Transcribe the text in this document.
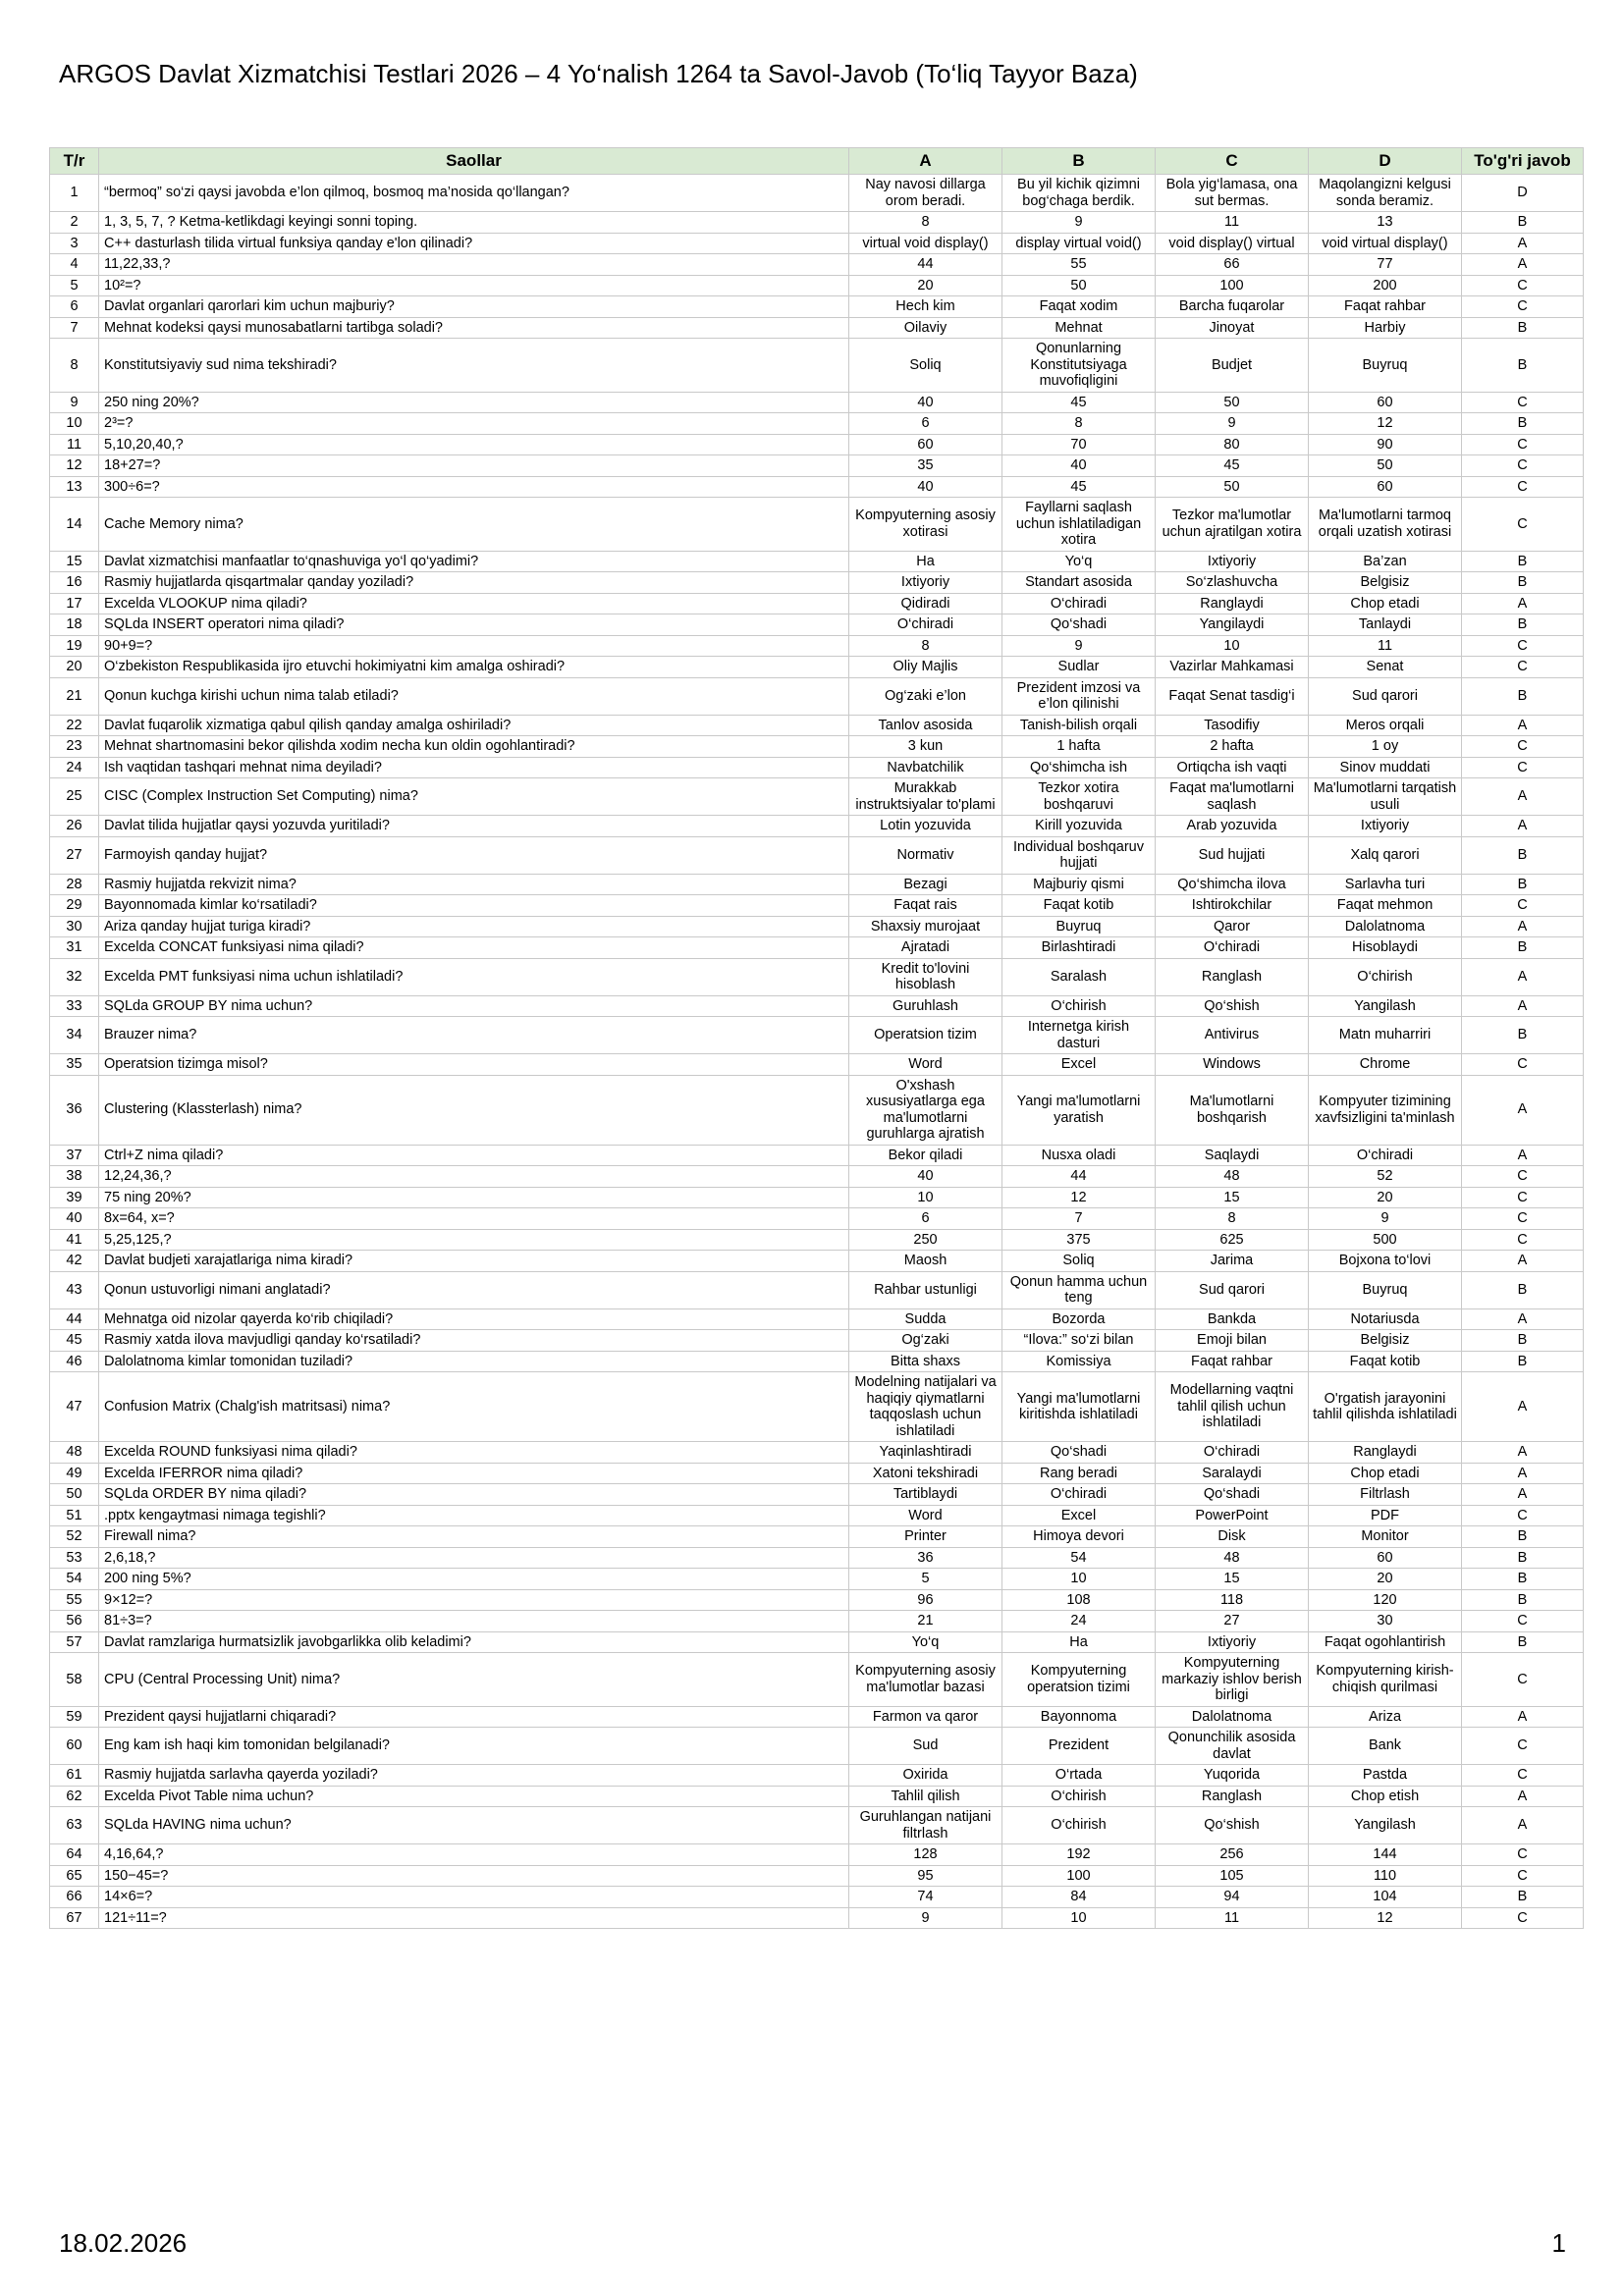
ARGOS Davlat Xizmatchisi Testlari 2026 – 4 Yo‘nalish 1264 ta Savol-Javob (To‘liq Tayyor Baza)
T/r	Saollar	A	B	C	D	To'g'ri javob
1	“bermoq” so‘zi qaysi javobda e’lon qilmoq, bosmoq ma’nosida qo‘llangan?	Nay navosi dillarga orom beradi.	Bu yil kichik qizimni bog‘chaga berdik.	Bola yig‘lamasa, ona sut bermas.	Maqolangizni kelgusi sonda beramiz.	D
2	1, 3, 5, 7, ? Ketma-ketlikdagi keyingi sonni toping.	8	9	11	13	B
3	C++ dasturlash tilida virtual funksiya qanday e'lon qilinadi?	virtual void display()	display virtual void()	void display() virtual	void virtual display()	A
4	11,22,33,?	44	55	66	77	A
5	10²=?	20	50	100	200	C
6	Davlat organlari qarorlari kim uchun majburiy?	Hech kim	Faqat xodim	Barcha fuqarolar	Faqat rahbar	C
7	Mehnat kodeksi qaysi munosabatlarni tartibga soladi?	Oilaviy	Mehnat	Jinoyat	Harbiy	B
8	Konstitutsiyaviy sud nima tekshiradi?	Soliq	Qonunlarning Konstitutsiyaga muvofiqligini	Budjet	Buyruq	B
9	250 ning 20%?	40	45	50	60	C
10	2³=?	6	8	9	12	B
11	5,10,20,40,?	60	70	80	90	C
12	18+27=?	35	40	45	50	C
13	300÷6=?	40	45	50	60	C
14	Cache Memory nima?	Kompyuterning asosiy xotirasi	Fayllarni saqlash uchun ishlatiladigan xotira	Tezkor ma'lumotlar uchun ajratilgan xotira	Ma'lumotlarni tarmoq orqali uzatish xotirasi	C
15	Davlat xizmatchisi manfaatlar to‘qnashuviga yo‘l qo‘yadimi?	Ha	Yo‘q	Ixtiyoriy	Ba’zan	B
16	Rasmiy hujjatlarda qisqartmalar qanday yoziladi?	Ixtiyoriy	Standart asosida	So‘zlashuvcha	Belgisiz	B
17	Excelda VLOOKUP nima qiladi?	Qidiradi	O‘chiradi	Ranglaydi	Chop etadi	A
18	SQLda INSERT operatori nima qiladi?	O‘chiradi	Qo‘shadi	Yangilaydi	Tanlaydi	B
19	90+9=?	8	9	10	11	C
20	O‘zbekiston Respublikasida ijro etuvchi hokimiyatni kim amalga oshiradi?	Oliy Majlis	Sudlar	Vazirlar Mahkamasi	Senat	C
21	Qonun kuchga kirishi uchun nima talab etiladi?	Og‘zaki e’lon	Prezident imzosi va e’lon qilinishi	Faqat Senat tasdig‘i	Sud qarori	B
22	Davlat fuqarolik xizmatiga qabul qilish qanday amalga oshiriladi?	Tanlov asosida	Tanish-bilish orqali	Tasodifiy	Meros orqali	A
23	Mehnat shartnomasini bekor qilishda xodim necha kun oldin ogohlantiradi?	3 kun	1 hafta	2 hafta	1 oy	C
24	Ish vaqtidan tashqari mehnat nima deyiladi?	Navbatchilik	Qo‘shimcha ish	Ortiqcha ish vaqti	Sinov muddati	C
25	CISC (Complex Instruction Set Computing) nima?	Murakkab instruktsiyalar to'plami	Tezkor xotira boshqaruvi	Faqat ma'lumotlarni saqlash	Ma'lumotlarni tarqatish usuli	A
26	Davlat tilida hujjatlar qaysi yozuvda yuritiladi?	Lotin yozuvida	Kirill yozuvida	Arab yozuvida	Ixtiyoriy	A
27	Farmoyish qanday hujjat?	Normativ	Individual boshqaruv hujjati	Sud hujjati	Xalq qarori	B
28	Rasmiy hujjatda rekvizit nima?	Bezagi	Majburiy qismi	Qo‘shimcha ilova	Sarlavha turi	B
29	Bayonnomada kimlar ko‘rsatiladi?	Faqat rais	Faqat kotib	Ishtirokchilar	Faqat mehmon	C
30	Ariza qanday hujjat turiga kiradi?	Shaxsiy murojaat	Buyruq	Qaror	Dalolatnoma	A
31	Excelda CONCAT funksiyasi nima qiladi?	Ajratadi	Birlashtiradi	O‘chiradi	Hisoblaydi	B
32	Excelda PMT funksiyasi nima uchun ishlatiladi?	Kredit to'lovini hisoblash	Saralash	Ranglash	O‘chirish	A
33	SQLda GROUP BY nima uchun?	Guruhlash	O‘chirish	Qo‘shish	Yangilash	A
34	Brauzer nima?	Operatsion tizim	Internetga kirish dasturi	Antivirus	Matn muharriri	B
35	Operatsion tizimga misol?	Word	Excel	Windows	Chrome	C
36	Clustering (Klassterlash) nima?	O'xshash xususiyatlarga ega ma'lumotlarni guruhlarga ajratish	Yangi ma'lumotlarni yaratish	Ma'lumotlarni boshqarish	Kompyuter tizimining xavfsizligini ta'minlash	A
37	Ctrl+Z nima qiladi?	Bekor qiladi	Nusxa oladi	Saqlaydi	O‘chiradi	A
38	12,24,36,?	40	44	48	52	C
39	75 ning 20%?	10	12	15	20	C
40	8x=64, x=?	6	7	8	9	C
41	5,25,125,?	250	375	625	500	C
42	Davlat budjeti xarajatlariga nima kiradi?	Maosh	Soliq	Jarima	Bojxona to‘lovi	A
43	Qonun ustuvorligi nimani anglatadi?	Rahbar ustunligi	Qonun hamma uchun teng	Sud qarori	Buyruq	B
44	Mehnatga oid nizolar qayerda ko‘rib chiqiladi?	Sudda	Bozorda	Bankda	Notariusda	A
45	Rasmiy xatda ilova mavjudligi qanday ko‘rsatiladi?	Og‘zaki	“Ilova:” so‘zi bilan	Emoji bilan	Belgisiz	B
46	Dalolatnoma kimlar tomonidan tuziladi?	Bitta shaxs	Komissiya	Faqat rahbar	Faqat kotib	B
47	Confusion Matrix (Chalg'ish matritsasi) nima?	Modelning natijalari va haqiqiy qiymatlarni taqqoslash uchun ishlatiladi	Yangi ma'lumotlarni kiritishda ishlatiladi	Modellarning vaqtni tahlil qilish uchun ishlatiladi	O'rgatish jarayonini tahlil qilishda ishlatiladi	A
48	Excelda ROUND funksiyasi nima qiladi?	Yaqinlashtiradi	Qo‘shadi	O‘chiradi	Ranglaydi	A
49	Excelda IFERROR nima qiladi?	Xatoni tekshiradi	Rang beradi	Saralaydi	Chop etadi	A
50	SQLda ORDER BY nima qiladi?	Tartiblaydi	O‘chiradi	Qo‘shadi	Filtrlash	A
51	.pptx kengaytmasi nimaga tegishli?	Word	Excel	PowerPoint	PDF	C
52	Firewall nima?	Printer	Himoya devori	Disk	Monitor	B
53	2,6,18,?	36	54	48	60	B
54	200 ning 5%?	5	10	15	20	B
55	9×12=?	96	108	118	120	B
56	81÷3=?	21	24	27	30	C
57	Davlat ramzlariga hurmatsizlik javobgarlikka olib keladimi?	Yo‘q	Ha	Ixtiyoriy	Faqat ogohlantirish	B
58	CPU (Central Processing Unit) nima?	Kompyuterning asosiy ma'lumotlar bazasi	Kompyuterning operatsion tizimi	Kompyuterning markaziy ishlov berish birligi	Kompyuterning kirish-chiqish qurilmasi	C
59	Prezident qaysi hujjatlarni chiqaradi?	Farmon va qaror	Bayonnoma	Dalolatnoma	Ariza	A
60	Eng kam ish haqi kim tomonidan belgilanadi?	Sud	Prezident	Qonunchilik asosida davlat	Bank	C
61	Rasmiy hujjatda sarlavha qayerda yoziladi?	Oxirida	O‘rtada	Yuqorida	Pastda	C
62	Excelda Pivot Table nima uchun?	Tahlil qilish	O‘chirish	Ranglash	Chop etish	A
63	SQLda HAVING nima uchun?	Guruhlangan natijani filtrlash	O‘chirish	Qo‘shish	Yangilash	A
64	4,16,64,?	128	192	256	144	C
65	150−45=?	95	100	105	110	C
66	14×6=?	74	84	94	104	B
67	121÷11=?	9	10	11	12	C
18.02.2026	1
